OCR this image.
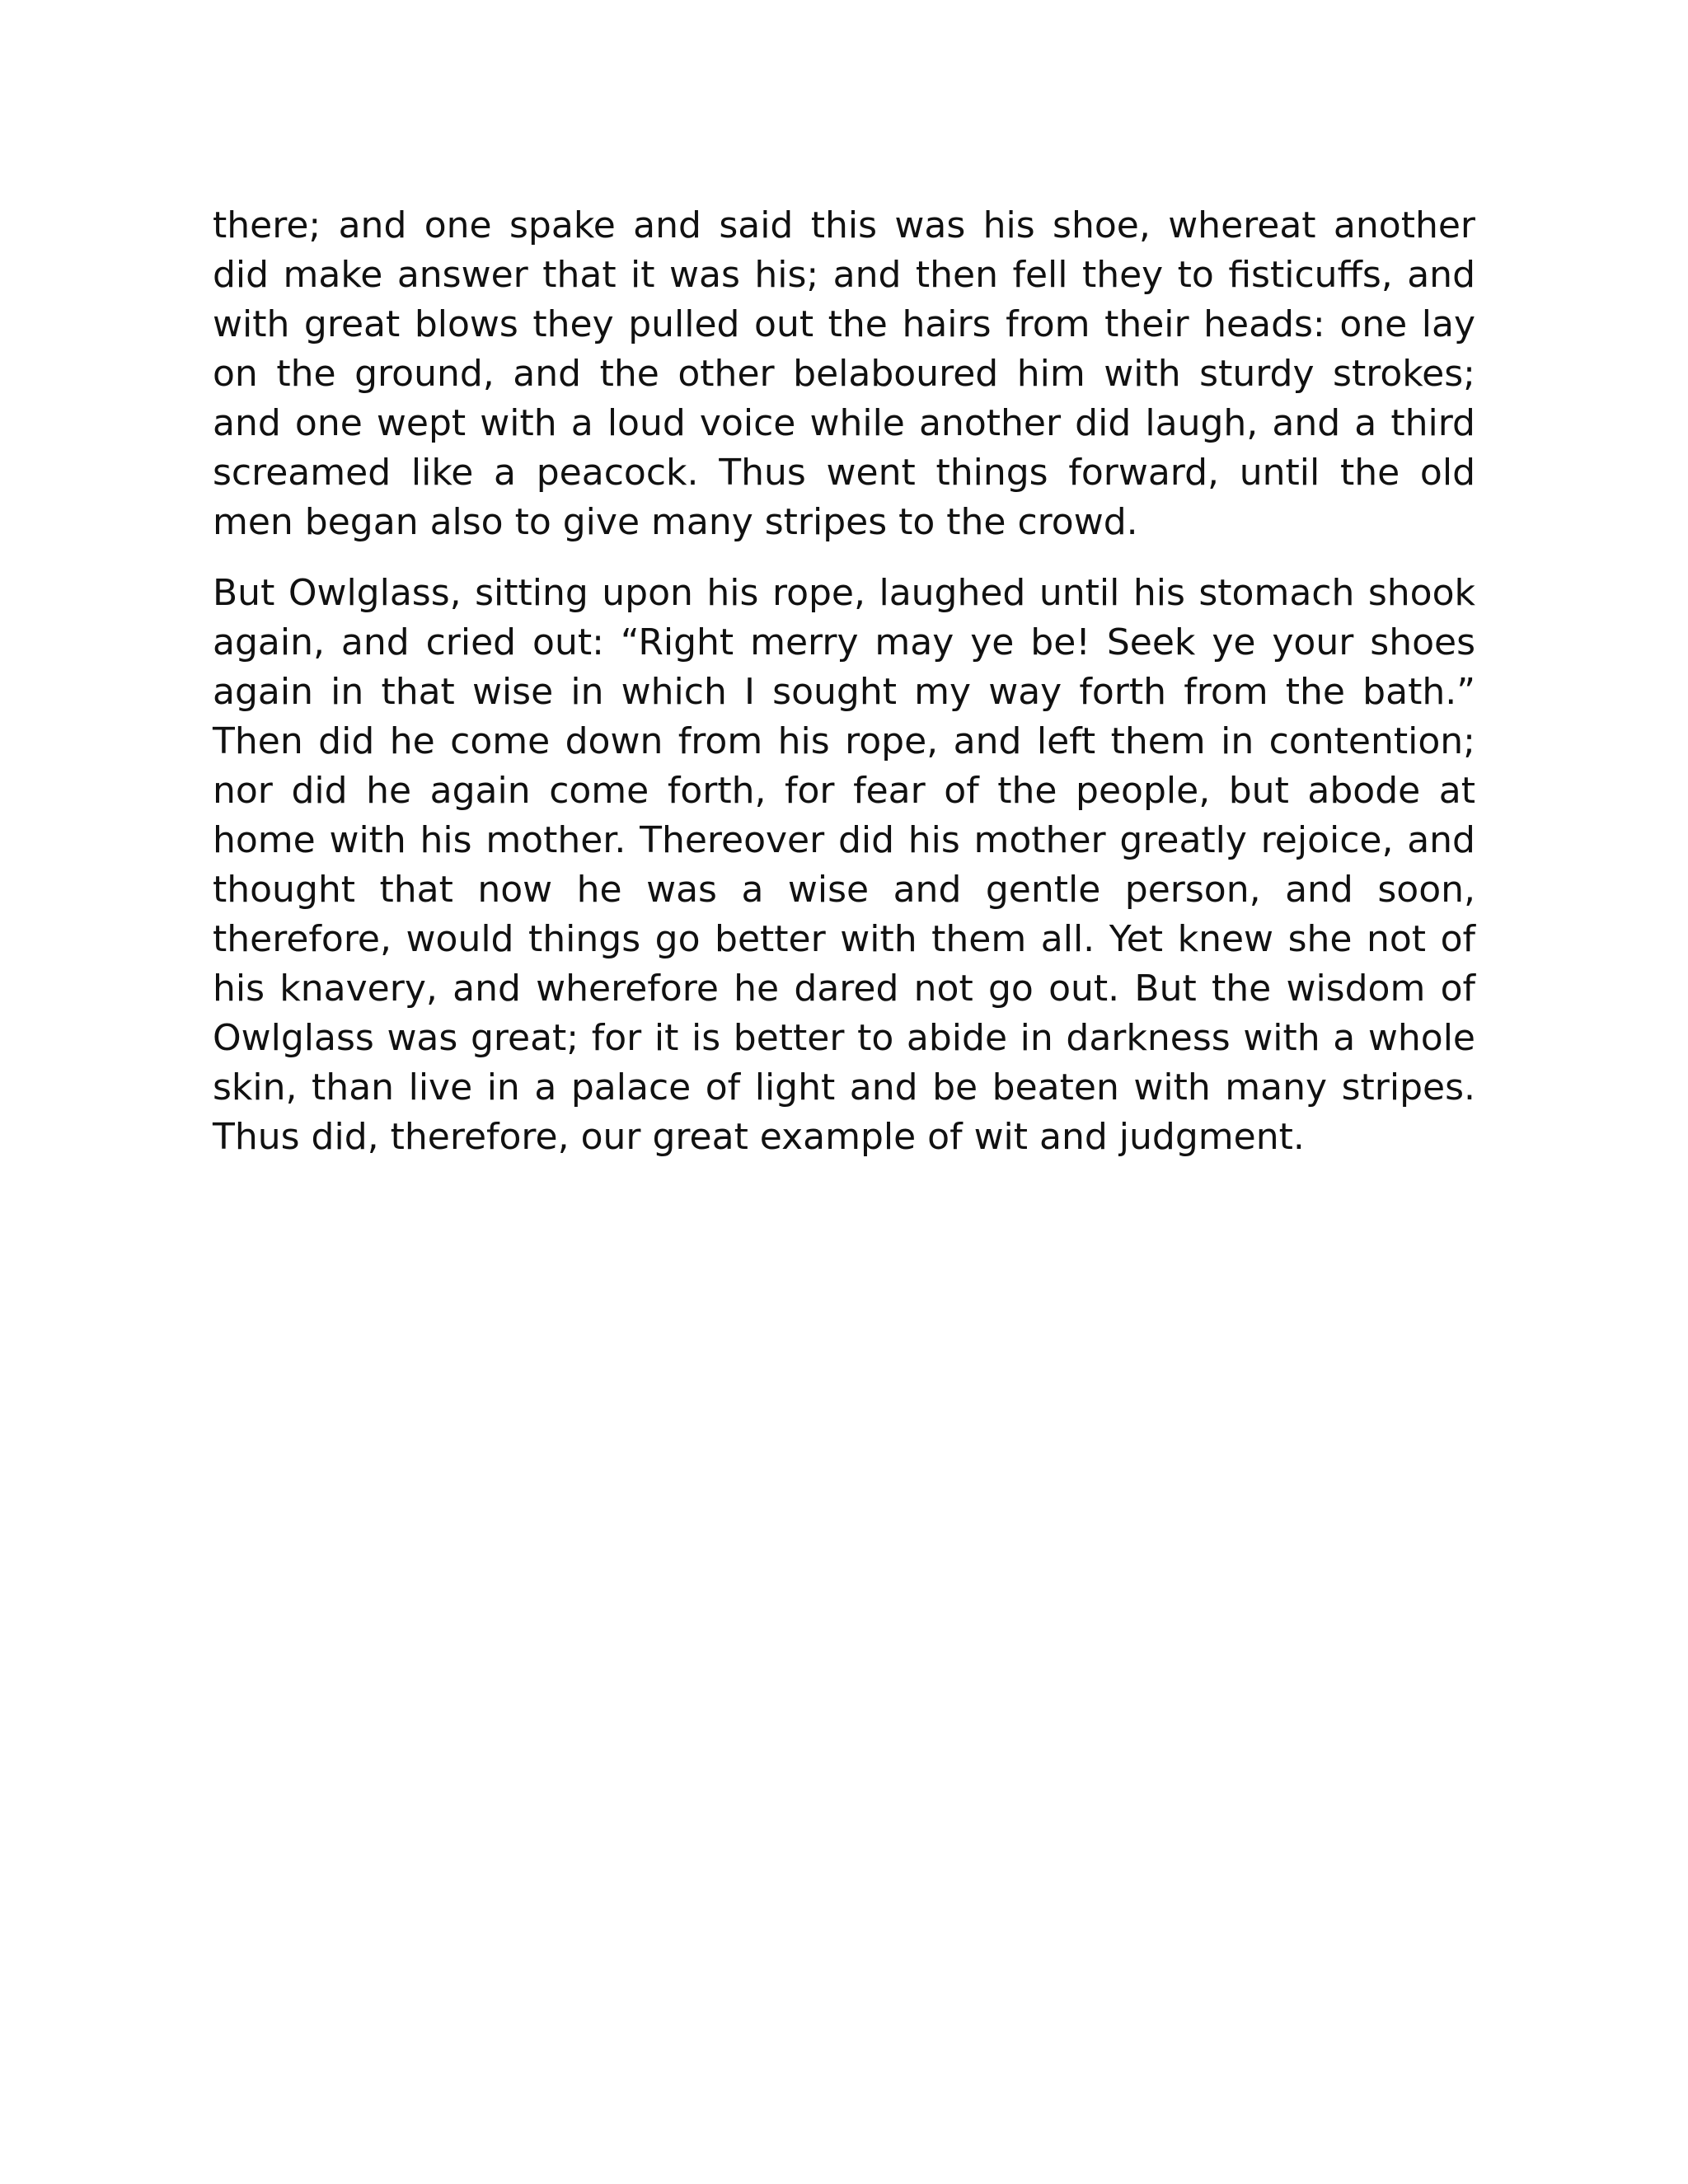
there; and one spake and said this was his shoe, whereat another did make answer that it was his; and then fell they to fisticuffs, and with great blows they pulled out the hairs from their heads: one lay on the ground, and the other belaboured him with sturdy strokes; and one wept with a loud voice while another did laugh, and a third screamed like a peacock. Thus went things forward, until the old men began also to give many stripes to the crowd.

But Owlglass, sitting upon his rope, laughed until his stomach shook again, and cried out: “Right merry may ye be! Seek ye your shoes again in that wise in which I sought my way forth from the bath.” Then did he come down from his rope, and left them in contention; nor did he again come forth, for fear of the people, but abode at home with his mother. Thereover did his mother greatly rejoice, and thought that now he was a wise and gentle person, and soon, therefore, would things go better with them all. Yet knew she not of his knavery, and wherefore he dared not go out. But the wisdom of Owlglass was great; for it is better to abide in darkness with a whole skin, than live in a palace of light and be beaten with many stripes. Thus did, therefore, our great example of wit and judgment.
